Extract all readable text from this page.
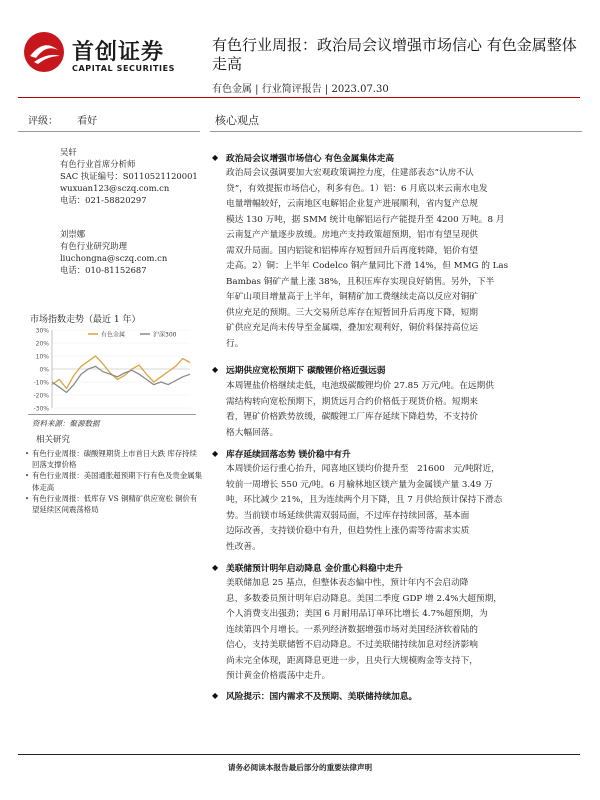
首创证券
CAPITAL SECURITIES
有色行业周报：政治局会议增强市场信心 有色金属整体走高
有色金属 | 行业简评报告 | 2023.07.30
评级： 看好
吴轩
有色行业首席分析师
SAC 执证编号：S0110521120001
wuxuan123@sczq.com.cn
电话：021-58820297
刘崇娜
有色行业研究助理
liuchongna@sczq.com.cn
电话：010-81152687
市场指数走势（最近 1 年）
30%
20%
10%
0%
-10%
-20%
-30%
有色金属	沪深300
资料来源：聚源数据
相关研究
• 有色行业周报：碳酸锂期货上市首日大跌 库存持续回落支撑价格
• 有色行业周报：美国通胀超预期下行有色及贵金属集体走高
• 有色行业周报：低库存 VS 铜精矿供应宽松 铜价有望延续区间震荡格局
核心观点
◆ 政治局会议增强市场信心 有色金属集体走高
政治局会议强调要加大宏观政策调控力度，住建部表态“认房不认
贷”，有效提振市场信心，利多有色。1）铝：6 月底以来云南水电发
电量增幅较好，云南地区电解铝企业复产进展顺利，省内复产总规
模达 130 万吨，据 SMM 统计电解铝运行产能提升至 4200 万吨。8 月
云南复产产量逐步放缓。房地产支持政策超预期，铝市有望呈现供
需双升局面。国内铝锭和铝棒库存短暂回升后再度转降，铝价有望
走高。2）铜：上半年 Codelco 铜产量同比下滑 14%，但 MMG 的 Las
Bambas 铜矿产量上涨 38%，且积压库存实现良好销售。另外，下半
年矿山项目增量高于上半年，铜精矿加工费继续走高以反应对铜矿
供应充足的预期。三大交易所总库存在短暂回升后再度下降，短期
矿供应充足尚未传导至金属端，叠加宏观利好，铜价料保持高位运
行。
◆ 远期供应宽松预期下 碳酸锂价格近强远弱
本周锂盐价格继续走低，电池级碳酸锂均价 27.85 万元/吨。在远期供
需结构转向宽松预期下，期货远月合约价格低于现货价格。短期来
看，锂矿价格跌势放缓，碳酸锂工厂库存延续下降趋势，不支持价
格大幅回落。
◆ 库存延续回落态势 镁价稳中有升
本周镁价运行重心抬升，闻喜地区镁均价提升至　21600　元/吨附近，
较前一周增长 550 元/吨。6 月榆林地区镁产量为金属镁产量 3.49 万
吨，环比减少 21%，且为连续两个月下降，且 7 月供给预计保持下滑态
势。当前镁市场延续供需双弱局面，不过库存持续回落，基本面
边际改善，支持镁价稳中有升，但趋势性上涨仍需等待需求实质
性改善。
◆ 美联储预计明年启动降息 金价重心料稳中走升
美联储加息 25 基点，但整体表态偏中性，预计年内不会启动降
息，多数委员预计明年启动降息。美国二季度 GDP 增 2.4%大超预期，
个人消费支出强劲；美国 6 月耐用品订单环比增长 4.7%超预期，为
连续第四个月增长。一系列经济数据增强市场对美国经济软着陆的
信心，支持美联储暂不启动降息。不过美联储持续加息对经济影响
尚未完全体现，距离降息更进一步，且央行大规模购金等支持下，
预计黄金价格震荡中走升。
◆ 风险提示：国内需求不及预期、美联储持续加息。
请务必阅读本报告最后部分的重要法律声明
